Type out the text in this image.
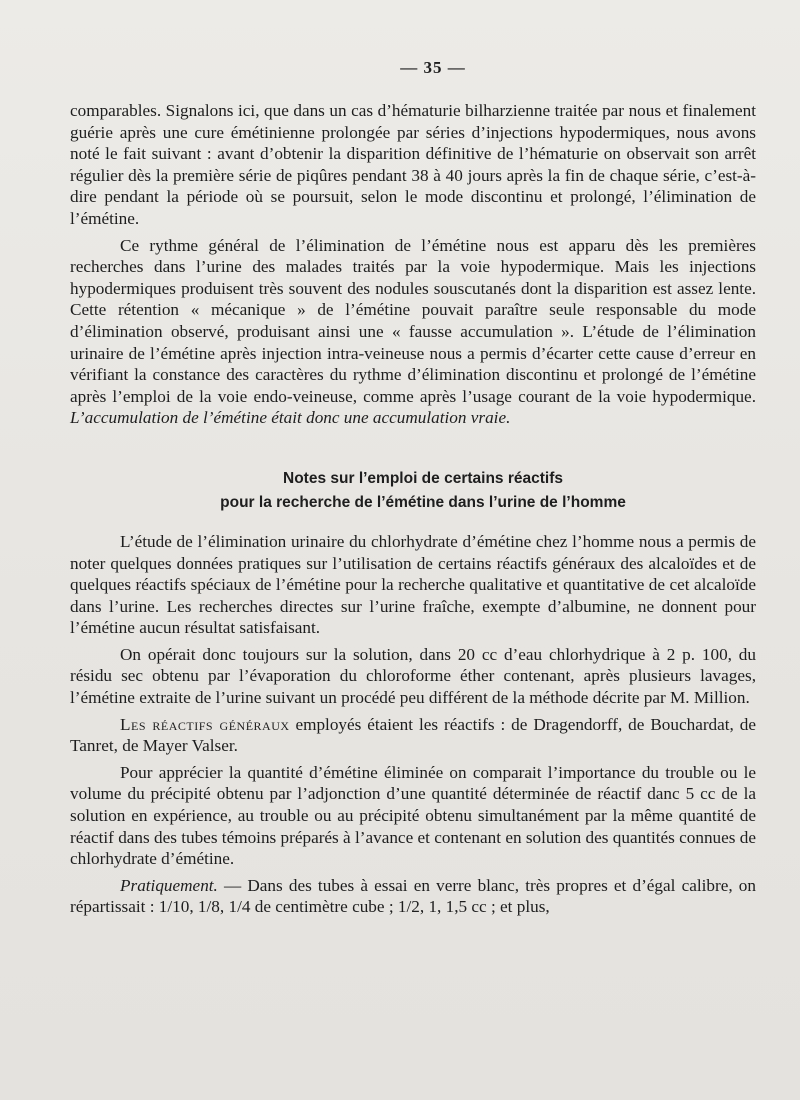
— 35 —

comparables. Signalons ici, que dans un cas d’hématurie bilharzienne traitée par nous et finalement guérie après une cure émétinienne prolongée par séries d’injections hypodermiques, nous avons noté le fait suivant : avant d’obtenir la disparition définitive de l’hématurie on observait son arrêt régulier dès la première série de piqûres pendant 38 à 40 jours après la fin de chaque série, c’est-à-dire pendant la période où se poursuit, selon le mode discontinu et prolongé, l’élimination de l’émétine.

Ce rythme général de l’élimination de l’émétine nous est apparu dès les premières recherches dans l’urine des malades traités par la voie hypodermique. Mais les injections hypodermiques produisent très souvent des nodules souscutanés dont la disparition est assez lente. Cette rétention « mécanique » de l’émétine pouvait paraître seule responsable du mode d’élimination observé, produisant ainsi une « fausse accumulation ». L’étude de l’élimination urinaire de l’émétine après injection intra-veineuse nous a permis d’écarter cette cause d’erreur en vérifiant la constance des caractères du rythme d’élimination discontinu et prolongé de l’émétine après l’emploi de la voie endo-veineuse, comme après l’usage courant de la voie hypodermique. L’accumulation de l’émétine était donc une accumulation vraie.

Notes sur l’emploi de certains réactifs
pour la recherche de l’émétine dans l’urine de l’homme

L’étude de l’élimination urinaire du chlorhydrate d’émétine chez l’homme nous a permis de noter quelques données pratiques sur l’utilisation de certains réactifs généraux des alcaloïdes et de quelques réactifs spéciaux de l’émétine pour la recherche qualitative et quantitative de cet alcaloïde dans l’urine. Les recherches directes sur l’urine fraîche, exempte d’albumine, ne donnent pour l’émétine aucun résultat satisfaisant.

On opérait donc toujours sur la solution, dans 20 cc d’eau chlorhydrique à 2 p. 100, du résidu sec obtenu par l’évaporation du chloroforme éther contenant, après plusieurs lavages, l’émétine extraite de l’urine suivant un procédé peu différent de la méthode décrite par M. Million.

Les réactifs généraux employés étaient les réactifs : de Dragendorff, de Bouchardat, de Tanret, de Mayer Valser.

Pour apprécier la quantité d’émétine éliminée on comparait l’importance du trouble ou le volume du précipité obtenu par l’adjonction d’une quantité déterminée de réactif danc 5 cc de la solution en expérience, au trouble ou au précipité obtenu simultanément par la même quantité de réactif dans des tubes témoins préparés à l’avance et contenant en solution des quantités connues de chlorhydrate d’émétine.

Pratiquement. — Dans des tubes à essai en verre blanc, très propres et d’égal calibre, on répartissait : 1/10, 1/8, 1/4 de centimètre cube ; 1/2, 1, 1,5 cc ; et plus,
